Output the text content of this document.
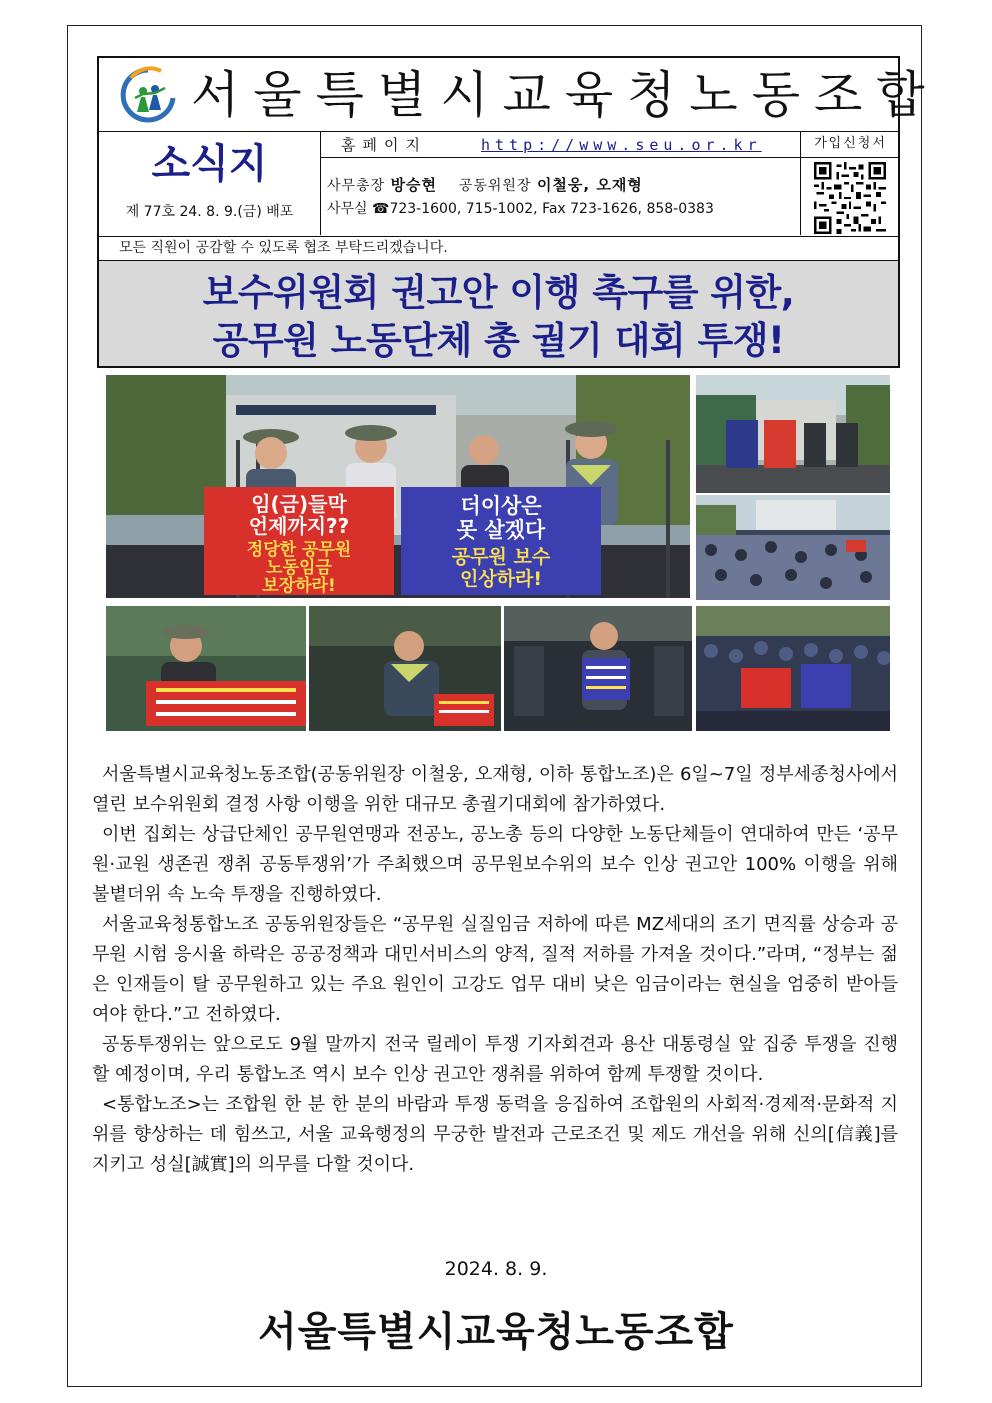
서울특별시교육청노동조합
소식지
제 77호 24. 8. 9.(금) 배포
홈페이지	http://www.seu.or.kr
사무총장 방승현 공동위원장 이철웅, 오재형
사무실 ☎723-1600, 715-1002, Fax 723-1626, 858-0383
가입신청서
모든 직원이 공감할 수 있도록 협조 부탁드리겠습니다.
보수위원회 권고안 이행 촉구를 위한,
공무원 노동단체 총 궐기 대회 투쟁!
임(금)들막
언제까지??
정당한 공무원
노동임금
보장하라!
더이상은
못 살겠다
공무원 보수
인상하라!

서울특별시교육청노동조합(공동위원장 이철웅, 오재형, 이하 통합노조)은 6일~7일 정부세종청사에서 열린 보수위원회 결정 사항 이행을 위한 대규모 총궐기대회에 참가하였다.

이번 집회는 상급단체인 공무원연맹과 전공노, 공노총 등의 다양한 노동단체들이 연대하여 만든 ‘공무원·교원 생존권 쟁취 공동투쟁위’가 주최했으며 공무원보수위의 보수 인상 권고안 100% 이행을 위해 불볕더위 속 노숙 투쟁을 진행하였다.

서울교육청통합노조 공동위원장들은 “공무원 실질임금 저하에 따른 MZ세대의 조기 면직률 상승과 공무원 시험 응시율 하락은 공공정책과 대민서비스의 양적, 질적 저하를 가져올 것이다.”라며, “정부는 젊은 인재들이 탈 공무원하고 있는 주요 원인이 고강도 업무 대비 낮은 임금이라는 현실을 엄중히 받아들여야 한다.”고 전하였다.

공동투쟁위는 앞으로도 9월 말까지 전국 릴레이 투쟁 기자회견과 용산 대통령실 앞 집중 투쟁을 진행할 예정이며, 우리 통합노조 역시 보수 인상 권고안 쟁취를 위하여 함께 투쟁할 것이다.

<통합노조>는 조합원 한 분 한 분의 바람과 투쟁 동력을 응집하여 조합원의 사회적·경제적·문화적 지위를 향상하는 데 힘쓰고, 서울 교육행정의 무궁한 발전과 근로조건 및 제도 개선을 위해 신의[信義]를 지키고 성실[誠實]의 의무를 다할 것이다.

2024. 8. 9.
서울특별시교육청노동조합
